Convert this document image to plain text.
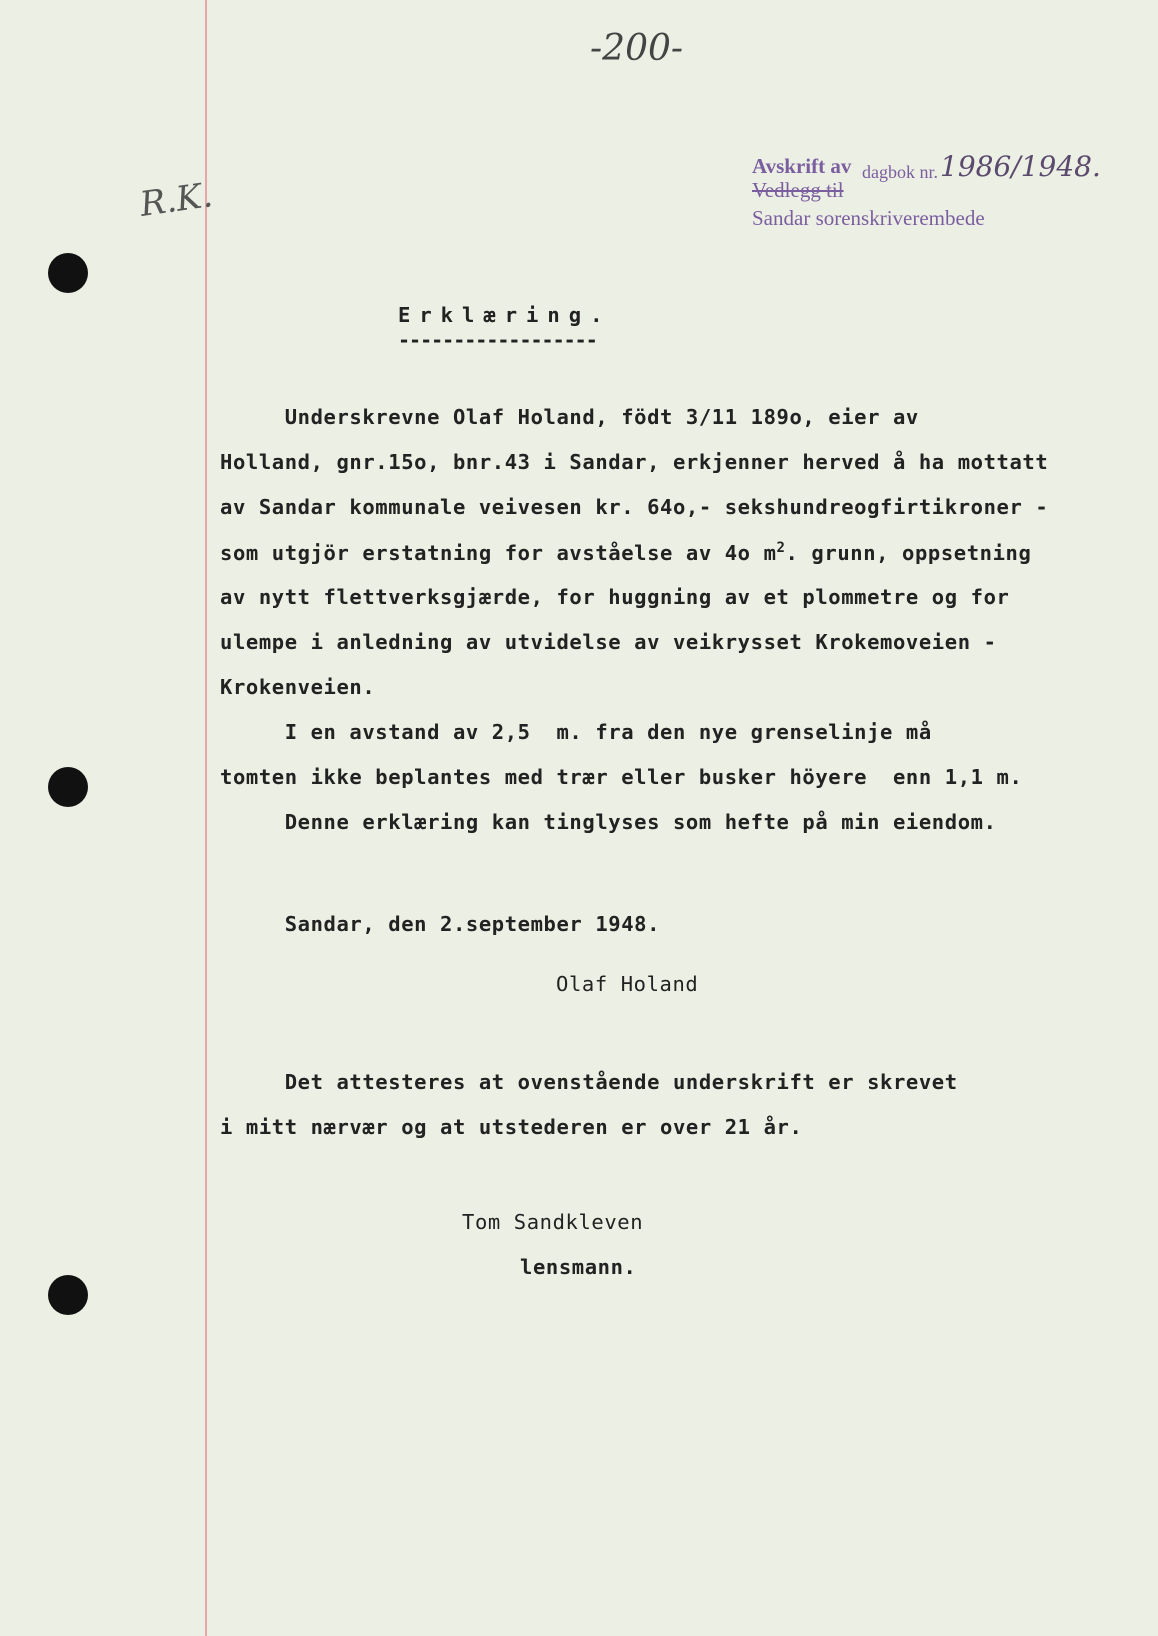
-200-
R.K.
Avskrift av dagbok nr. 1986/1948.
Vedlegg til
Sandar sorenskriverembede
Erklæring.
------------------
Underskrevne Olaf Holand, födt 3/11 189o, eier av
Holland, gnr.15o, bnr.43 i Sandar, erkjenner herved å ha mottatt
av Sandar kommunale veivesen kr. 64o,- sekshundreogfirtikroner -
som utgjör erstatning for avståelse av 4o $m^2$. grunn, oppsetning
av nytt flettverksgjærde, for huggning av et plommetre og for
ulempe i anledning av utvidelse av veikrysset Krokemoveien -
Krokenveien.
I en avstand av 2,5  m. fra den nye grenselinje må
tomten ikke beplantes med trær eller busker höyere  enn 1,1 m.
Denne erklæring kan tinglyses som hefte på min eiendom.
Sandar, den 2.september 1948.
Olaf Holand
Det attesteres at ovenstående underskrift er skrevet
i mitt nærvær og at utstederen er over 21 år.
Tom Sandkleven
lensmann.
